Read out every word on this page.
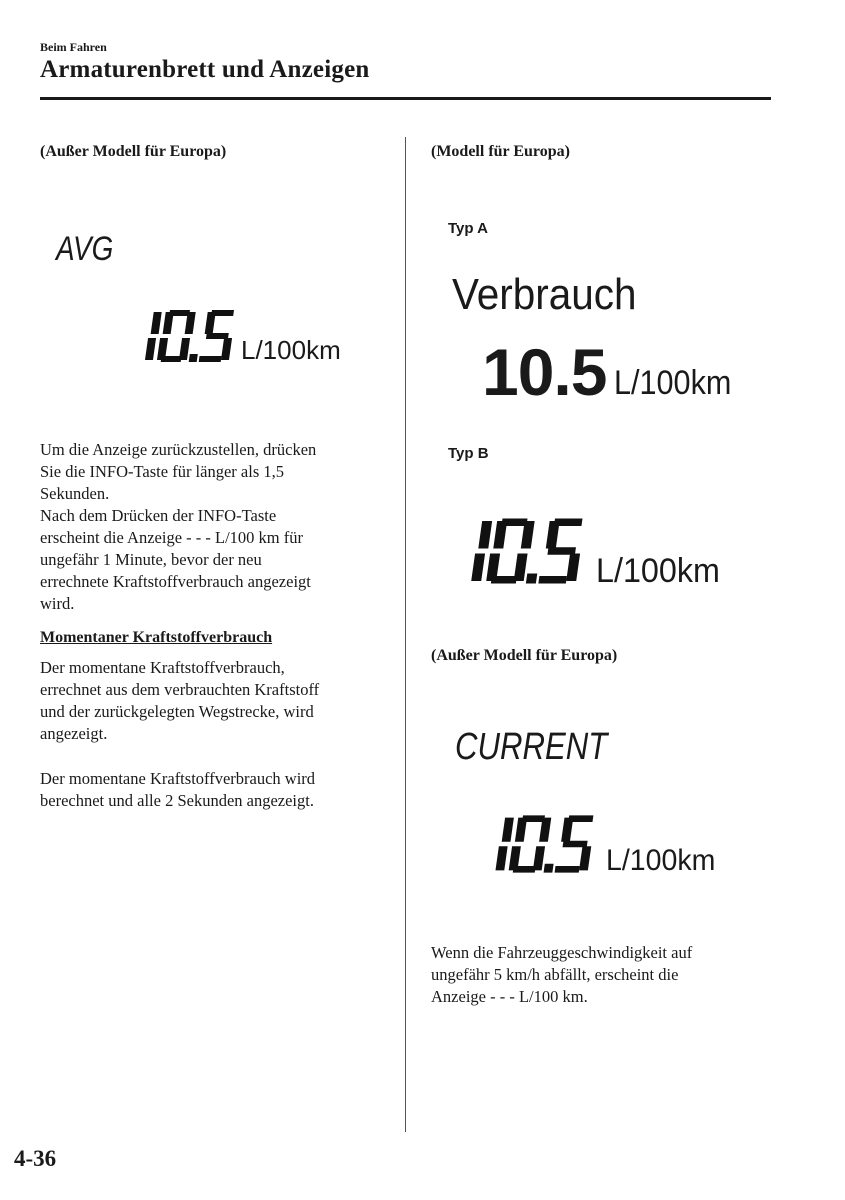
Beim Fahren
Armaturenbrett und Anzeigen
(Außer Modell für Europa)
AVG
L/100km
Um die Anzeige zurückzustellen, drücken
Sie die INFO-Taste für länger als 1,5
Sekunden.
Nach dem Drücken der INFO-Taste
erscheint die Anzeige - - - L/100 km für
ungefähr 1 Minute, bevor der neu
errechnete Kraftstoffverbrauch angezeigt
wird.
Momentaner Kraftstoffverbrauch
Der momentane Kraftstoffverbrauch,
errechnet aus dem verbrauchten Kraftstoff
und der zurückgelegten Wegstrecke, wird
angezeigt.
Der momentane Kraftstoffverbrauch wird
berechnet und alle 2 Sekunden angezeigt.
(Modell für Europa)
Typ A
Verbrauch
10.5 L/100km
Typ B
L/100km
(Außer Modell für Europa)
CURRENT
L/100km
Wenn die Fahrzeuggeschwindigkeit auf
ungefähr 5 km/h abfällt, erscheint die
Anzeige - - - L/100 km.
4-36
